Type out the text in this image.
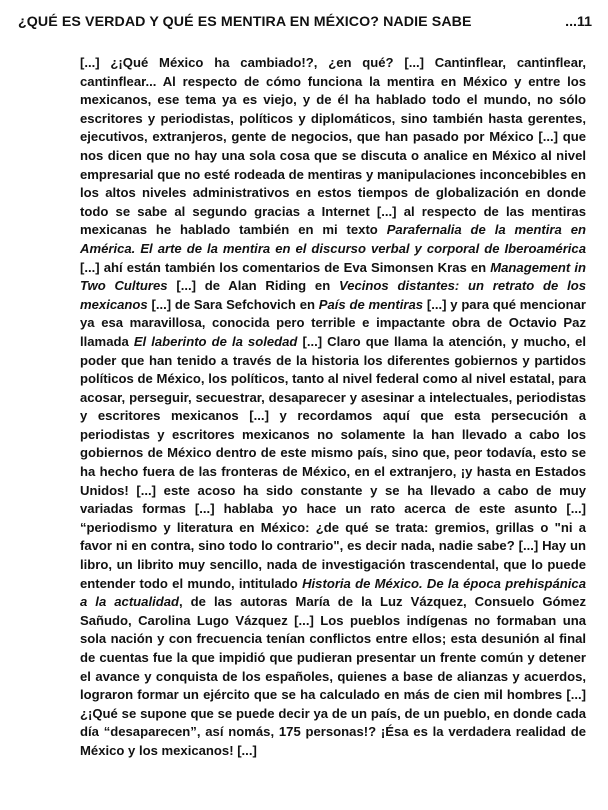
¿QUÉ ES VERDAD Y QUÉ ES MENTIRA EN MÉXICO? NADIE SABE	...11
[...] ¿¡Qué México ha cambiado!?, ¿en qué? [...] Cantinflear, cantinflear, cantinflear... Al respecto de cómo funciona la mentira en México y entre los mexicanos, ese tema ya es viejo, y de él ha hablado todo el mundo, no sólo escritores y periodistas, políticos y diplomáticos, sino también hasta gerentes, ejecutivos, extranjeros, gente de negocios, que han pasado por México [...] que nos dicen que no hay una sola cosa que se discuta o analice en México al nivel empresarial que no esté rodeada de mentiras y manipulaciones inconcebibles en los altos niveles administrativos en estos tiempos de globalización en donde todo se sabe al segundo gracias a Internet [...] al respecto de las mentiras mexicanas he hablado también en mi texto Parafernalia de la mentira en América. El arte de la mentira en el discurso verbal y corporal de Iberoamérica [...] ahí están también los comentarios de Eva Simonsen Kras en Management in Two Cultures [...] de Alan Riding en Vecinos distantes: un retrato de los mexicanos [...] de Sara Sefchovich en País de mentiras [...] y para qué mencionar ya esa maravillosa, conocida pero terrible e impactante obra de Octavio Paz llamada El laberinto de la soledad [...] Claro que llama la atención, y mucho, el poder que han tenido a través de la historia los diferentes gobiernos y partidos políticos de México, los políticos, tanto al nivel federal como al nivel estatal, para acosar, perseguir, secuestrar, desaparecer y asesinar a intelectuales, periodistas y escritores mexicanos [...] y recordamos aquí que esta persecución a periodistas y escritores mexicanos no solamente la han llevado a cabo los gobiernos de México dentro de este mismo país, sino que, peor todavía, esto se ha hecho fuera de las fronteras de México, en el extranjero, ¡y hasta en Estados Unidos! [...] este acoso ha sido constante y se ha llevado a cabo de muy variadas formas [...] hablaba yo hace un rato acerca de este asunto [...] “periodismo y literatura en México: ¿de qué se trata: gremios, grillas o "ni a favor ni en contra, sino todo lo contrario", es decir nada, nadie sabe? [...] Hay un libro, un librito muy sencillo, nada de investigación trascendental, que lo puede entender todo el mundo, intitulado Historia de México. De la época prehispánica a la actualidad, de las autoras María de la Luz Vázquez, Consuelo Gómez Sañudo, Carolina Lugo Vázquez [...] Los pueblos indígenas no formaban una sola nación y con frecuencia tenían conflictos entre ellos; esta desunión al final de cuentas fue la que impidió que pudieran presentar un frente común y detener el avance y conquista de los españoles, quienes a base de alianzas y acuerdos, lograron formar un ejército que se ha calculado en más de cien mil hombres [...] ¿¡Qué se supone que se puede decir ya de un país, de un pueblo, en donde cada día “desaparecen”, así nomás, 175 personas!? ¡Ésa es la verdadera realidad de México y los mexicanos! [...]
